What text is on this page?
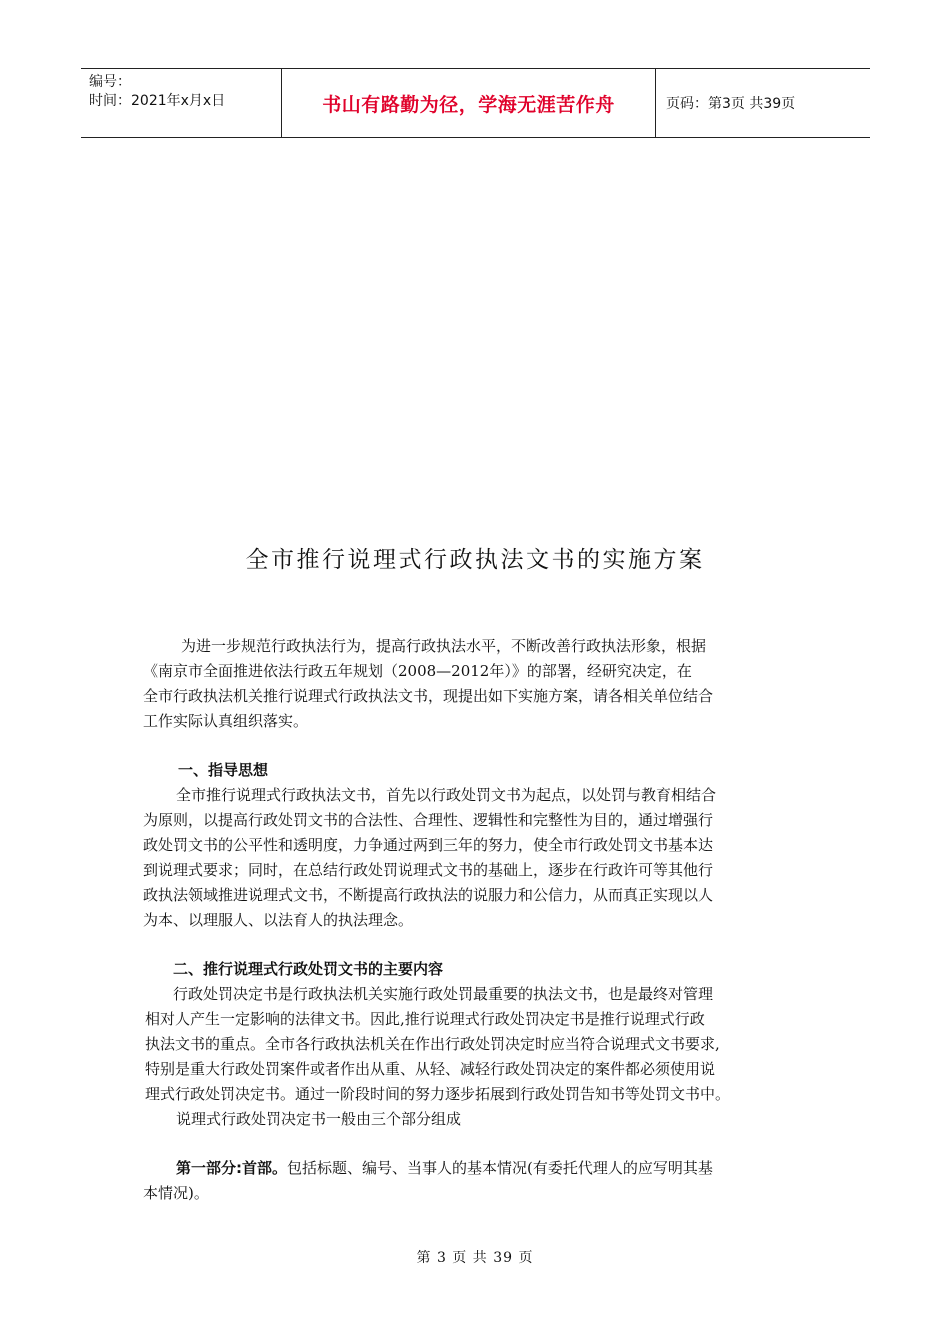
编号：
时间：2021年x月x日	书山有路勤为径，学海无涯苦作舟	页码：第3页 共39页
全市推行说理式行政执法文书的实施方案
为进一步规范行政执法行为，提高行政执法水平，不断改善行政执法形象，根据
《南京市全面推进依法行政五年规划（2008—2012年）》的部署，经研究决定，在
全市行政执法机关推行说理式行政执法文书，现提出如下实施方案，请各相关单位结合
工作实际认真组织落实。
一、指导思想
全市推行说理式行政执法文书，首先以行政处罚文书为起点，以处罚与教育相结合
为原则，以提高行政处罚文书的合法性、合理性、逻辑性和完整性为目的，通过增强行
政处罚文书的公平性和透明度，力争通过两到三年的努力，使全市行政处罚文书基本达
到说理式要求；同时，在总结行政处罚说理式文书的基础上，逐步在行政许可等其他行
政执法领域推进说理式文书，不断提高行政执法的说服力和公信力，从而真正实现以人
为本、以理服人、以法育人的执法理念。
二、推行说理式行政处罚文书的主要内容
行政处罚决定书是行政执法机关实施行政处罚最重要的执法文书，也是最终对管理
相对人产生一定影响的法律文书。因此,推行说理式行政处罚决定书是推行说理式行政
执法文书的重点。全市各行政执法机关在作出行政处罚决定时应当符合说理式文书要求,
特别是重大行政处罚案件或者作出从重、从轻、减轻行政处罚决定的案件都必须使用说
理式行政处罚决定书。通过一阶段时间的努力逐步拓展到行政处罚告知书等处罚文书中。
说理式行政处罚决定书一般由三个部分组成
第一部分:首部。包括标题、编号、当事人的基本情况(有委托代理人的应写明其基
本情况)。
第 3 页 共 39 页
